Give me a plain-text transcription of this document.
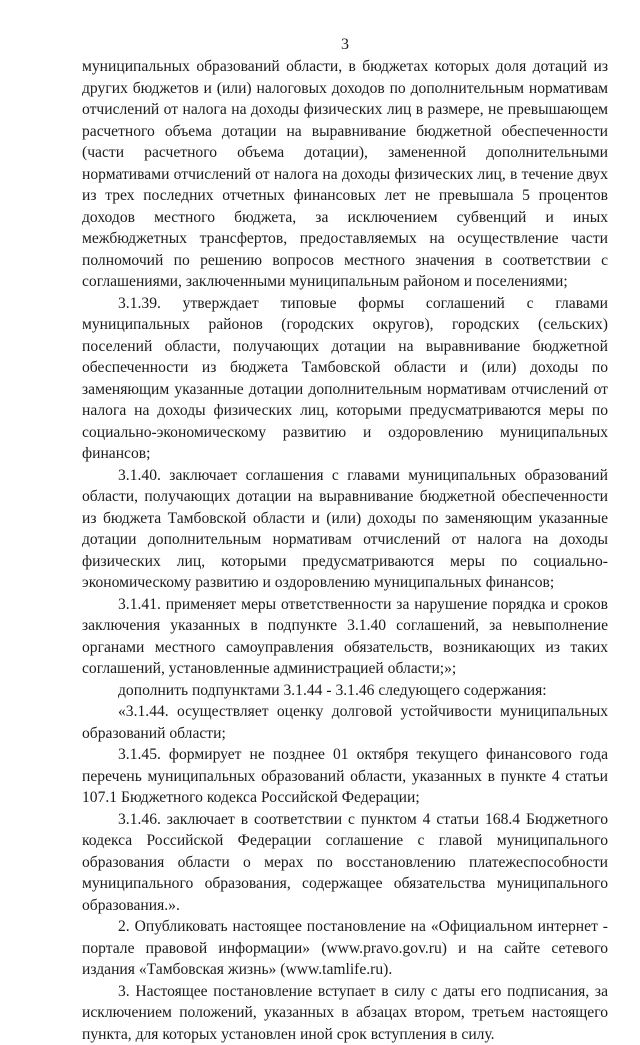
3

муниципальных образований области, в бюджетах которых доля дотаций из других бюджетов и (или) налоговых доходов по дополнительным нормативам отчислений от налога на доходы физических лиц в размере, не превышающем расчетного объема дотации на выравнивание бюджетной обеспеченности (части расчетного объема дотации), замененной дополнительными нормативами отчислений от налога на доходы физических лиц, в течение двух из трех последних отчетных финансовых лет не превышала 5 процентов доходов местного бюджета, за исключением субвенций и иных межбюджетных трансфертов, предоставляемых на осуществление части полномочий по решению вопросов местного значения в соответствии с соглашениями, заключенными муниципальным районом и поселениями;

3.1.39. утверждает типовые формы соглашений с главами муниципальных районов (городских округов), городских (сельских) поселений области, получающих дотации на выравнивание бюджетной обеспеченности из бюджета Тамбовской области и (или) доходы по заменяющим указанные дотации дополнительным нормативам отчислений от налога на доходы физических лиц, которыми предусматриваются меры по социально-экономическому развитию и оздоровлению муниципальных финансов;

3.1.40. заключает соглашения с главами муниципальных образований области, получающих дотации на выравнивание бюджетной обеспеченности из бюджета Тамбовской области и (или) доходы по заменяющим указанные дотации дополнительным нормативам отчислений от налога на доходы физических лиц, которыми предусматриваются меры по социально-экономическому развитию и оздоровлению муниципальных финансов;

3.1.41. применяет меры ответственности за нарушение порядка и сроков заключения указанных в подпункте 3.1.40 соглашений, за невыполнение органами местного самоуправления обязательств, возникающих из таких соглашений, установленные администрацией области;»;

дополнить подпунктами 3.1.44 - 3.1.46 следующего содержания:

«3.1.44. осуществляет оценку долговой устойчивости муниципальных образований области;

3.1.45. формирует не позднее 01 октября текущего финансового года перечень муниципальных образований области, указанных в пункте 4 статьи 107.1 Бюджетного кодекса Российской Федерации;

3.1.46. заключает в соответствии с пунктом 4 статьи 168.4 Бюджетного кодекса Российской Федерации соглашение с главой муниципального образования области о мерах по восстановлению платежеспособности муниципального образования, содержащее обязательства муниципального образования.».

2. Опубликовать настоящее постановление на «Официальном интернет - портале правовой информации» (www.pravo.gov.ru) и на сайте сетевого издания «Тамбовская жизнь» (www.tamlife.ru).

3. Настоящее постановление вступает в силу с даты его подписания, за исключением положений, указанных в абзацах втором, третьем настоящего пункта, для которых установлен иной срок вступления в силу.
